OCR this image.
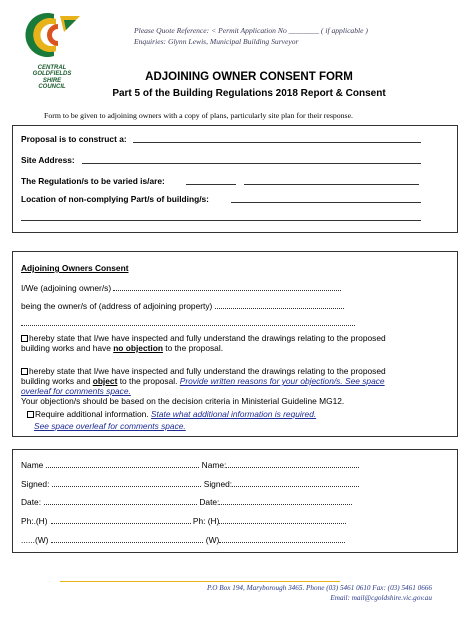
CENTRAL
GOLDFIELDS
SHIRE
COUNCIL
Please Quote Reference: < Permit Application No ________ ( if applicable )
Enquiries: Glynn Lewis, Municipal Building Surveyor
ADJOINING OWNER CONSENT FORM
Part 5 of the Building Regulations 2018 Report & Consent
Form to be given to adjoining owners with a copy of plans, particularly site plan for their response.
Proposal is to construct a:
Site Address:
The Regulation/s to be varied is/are:
Location of non-complying Part/s of building/s:
Adjoining Owners Consent
I/We (adjoining owner/s)
being the owner/s of (address of adjoining property)
hereby state that I/we have inspected and fully understand the drawings relating to the proposed
building works and have no objection to the proposal.
hereby state that I/we have inspected and fully understand the drawings relating to the proposed
building works and object to the proposal. Provide written reasons for your objection/s. See space
overleaf for comments space.
Your objection/s should be based on the decision criteria in Ministerial Guideline MG12.
Require additional information. State what additional information is required.
See space overleaf for comments space.
Name	Name:
Signed:	Signed:
Date:	Date:
Ph:.(H)	Ph: (H)
......(W)	(W)
P.O Box 194, Maryborough 3465. Phone (03) 5461 0610 Fax: (03) 5461 0666
Email: mail@cgoldshire.vic.gov.au
